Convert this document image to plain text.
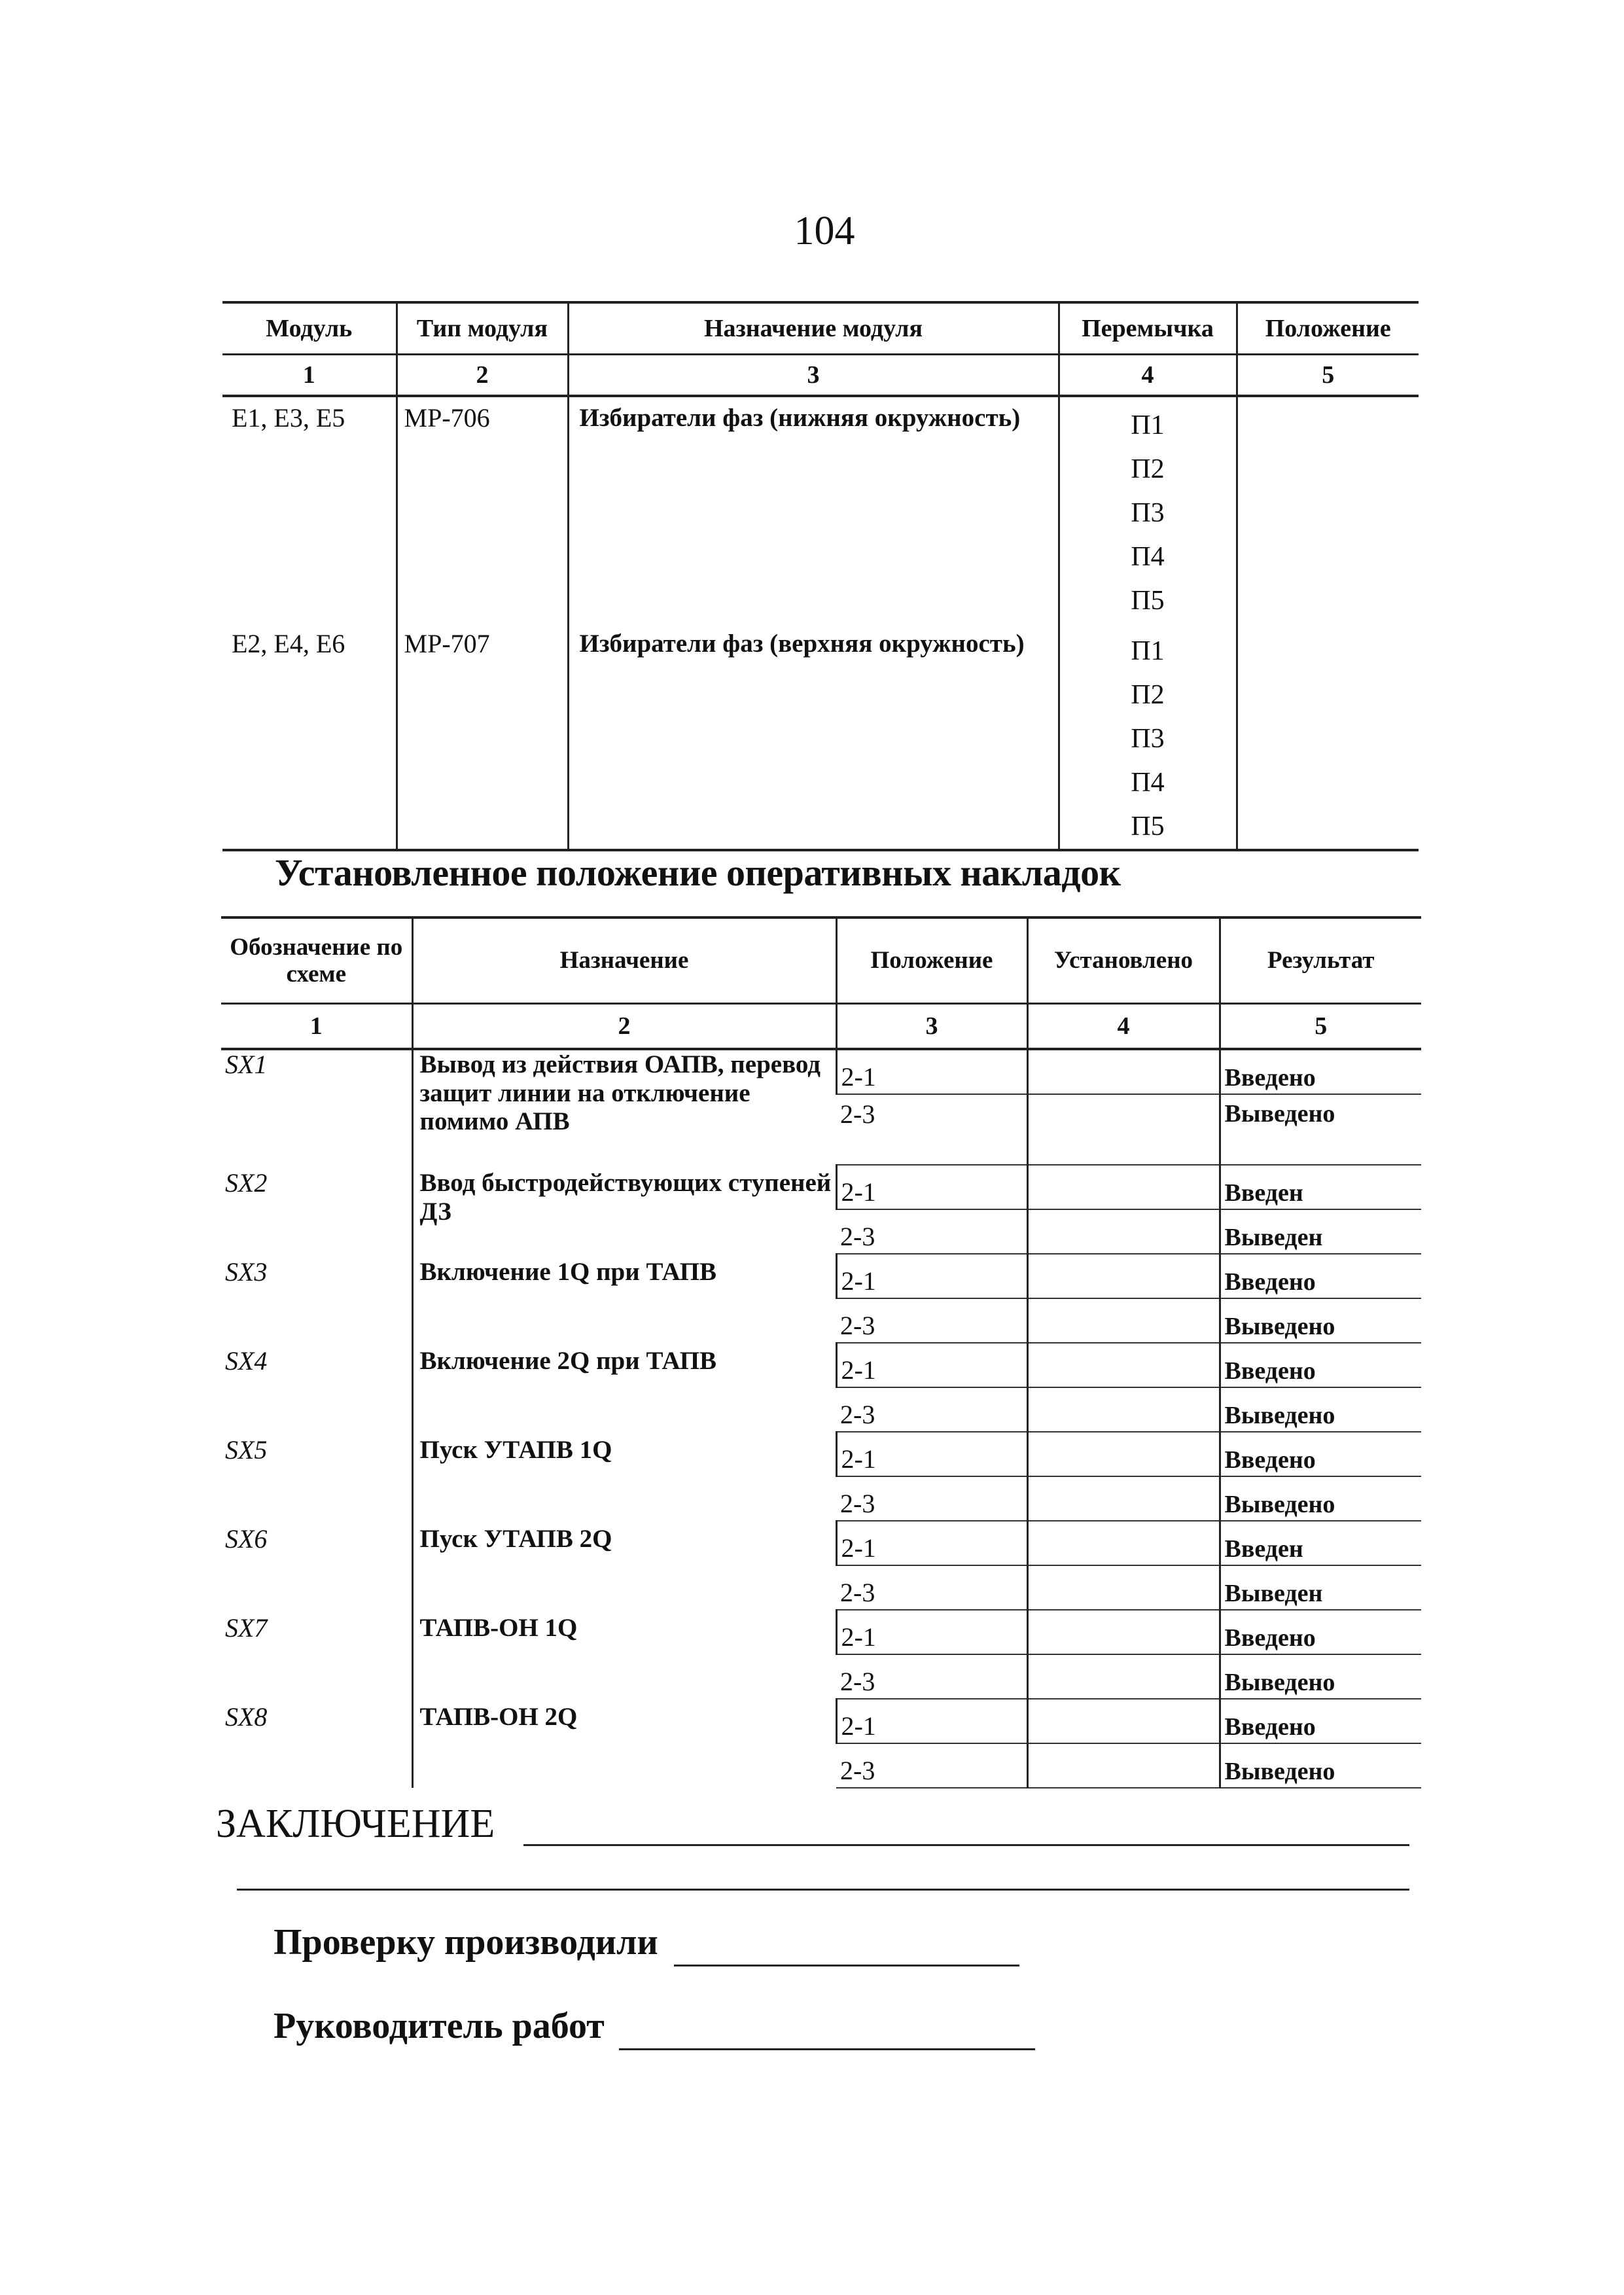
104
Модуль	Тип модуля	Назначение модуля	Перемычка	Положение
1	2	3	4	5
Е1, Е3, Е5	МР-706	Избиратели фаз (нижняя окружность)	П1
П2
П3
П4
П5	

Е2, Е4, Е6	МР-707	Избиратели фаз (верхняя окружность)	П1
П2
П3
П4
П5	

Установленное положение оперативных накладок
Обозначение по схеме	Назначение	Положение	Установлено	Результат
1	2	3	4	5
SX1	Вывод из действия ОАПВ, перевод защит линии на отключение помимо АПВ	2-1		Введено
		2-3		Выведено
SX2	Ввод быстродействующих ступеней ДЗ	2-1		Введен
		2-3		Выведен
SX3	Включение 1Q при ТАПВ	2-1		Введено
		2-3		Выведено
SX4	Включение 2Q при ТАПВ	2-1		Введено
		2-3		Выведено
SX5	Пуск УТАПВ 1Q	2-1		Введено
		2-3		Выведено
SX6	Пуск УТАПВ 2Q	2-1		Введен
		2-3		Выведен
SX7	ТАПВ-ОН 1Q	2-1		Введено
		2-3		Выведено
SX8	ТАПВ-ОН 2Q	2-1		Введено
		2-3		Выведено
ЗАКЛЮЧЕНИЕ
Проверку производили
Руководитель работ
